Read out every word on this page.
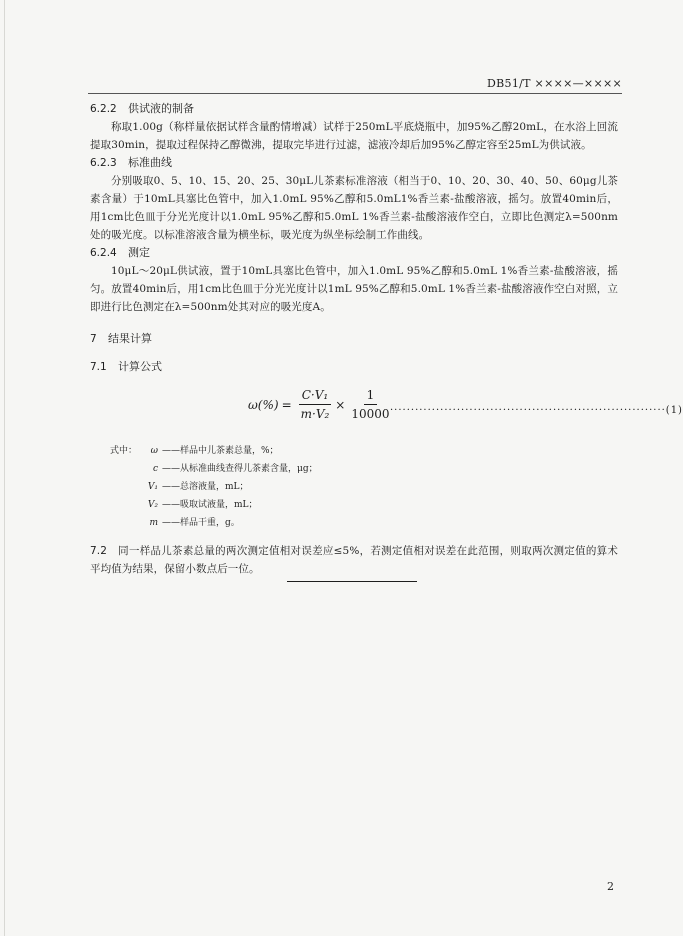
DB51/T ××××—××××

6.2.2 供试液的制备

称取1.00g（称样量依据试样含量酌情增减）试样于250mL平底烧瓶中，加95%乙醇20mL，在水浴上回流提取30min，提取过程保持乙醇微沸，提取完毕进行过滤，滤液冷却后加95%乙醇定容至25mL为供试液。

6.2.3 标准曲线

分别吸取0、5、10、15、20、25、30μL儿茶素标准溶液（相当于0、10、20、30、40、50、60μg儿茶素含量）于10mL具塞比色管中，加入1.0mL 95%乙醇和5.0mL1%香兰素-盐酸溶液，摇匀。放置40min后，用1cm比色皿于分光光度计以1.0mL 95%乙醇和5.0mL 1%香兰素-盐酸溶液作空白，立即比色测定λ=500nm处的吸光度。以标准溶液含量为横坐标，吸光度为纵坐标绘制工作曲线。

6.2.4 测定

10μL～20μL供试液，置于10mL具塞比色管中，加入1.0mL 95%乙醇和5.0mL 1%香兰素-盐酸溶液，摇匀。放置40min后，用1cm比色皿于分光光度计以1mL 95%乙醇和5.0mL 1%香兰素-盐酸溶液作空白对照，立即进行比色测定在λ=500nm处其对应的吸光度A。

7 结果计算

7.1 计算公式

$\omega(\%) = \frac{\text{C·V₁}}{\text{m·V₂}} \times \frac{1}{10000}$
··································································(1)
式中：	ω ——样品中儿茶素总量，%；
c ——从标准曲线查得儿茶素含量，μg；
V₁ ——总溶液量，mL；
V₂ ——吸取试液量，mL；
m ——样品干重，g。

7.2 同一样品儿茶素总量的两次测定值相对误差应≤5%，若测定值相对误差在此范围，则取两次测定值的算术平均值为结果，保留小数点后一位。

2
